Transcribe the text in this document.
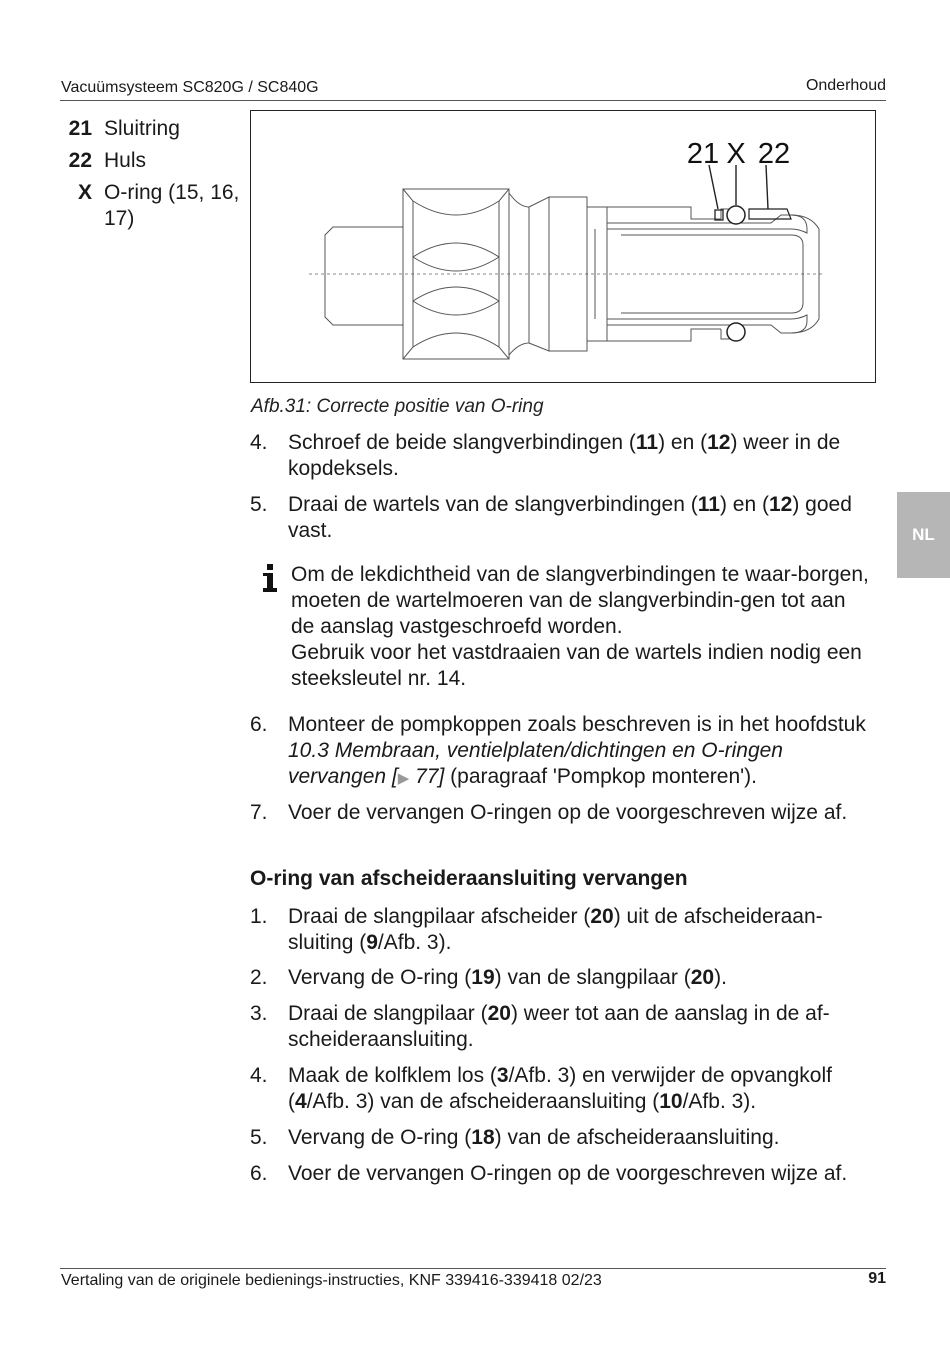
Vacuümsysteem SC820G / SC840G	Onderhoud
21 Sluitring
22 Huls
X O-ring (15, 16, 17)
21 X 22
Afb.31: Correcte positie van O-ring
4. Schroef de beide slangverbindingen (11) en (12) weer in de kopdeksels.
5. Draai de wartels van de slangverbindingen (11) en (12) goed vast.
Om de lekdichtheid van de slangverbindingen te waar-borgen, moeten de wartelmoeren van de slangverbindin-gen tot aan de aanslag vastgeschroefd worden.
Gebruik voor het vastdraaien van de wartels indien nodig een steeksleutel nr. 14.
6. Monteer de pompkoppen zoals beschreven is in het hoofdstuk 10.3 Membraan, ventielplaten/dichtingen en O-ringen vervangen [▶ 77] (paragraaf 'Pompkop monteren').
7. Voer de vervangen O-ringen op de voorgeschreven wijze af.
O-ring van afscheideraansluiting vervangen
1. Draai de slangpilaar afscheider (20) uit de afscheideraan-sluiting (9/Afb. 3).
2. Vervang de O-ring (19) van de slangpilaar (20).
3. Draai de slangpilaar (20) weer tot aan de aanslag in de af-scheideraansluiting.
4. Maak de kolfklem los (3/Afb. 3) en verwijder de opvangkolf (4/Afb. 3) van de afscheideraansluiting (10/Afb. 3).
5. Vervang de O-ring (18) van de afscheideraansluiting.
6. Voer de vervangen O-ringen op de voorgeschreven wijze af.
NL
Vertaling van de originele bedienings-instructies, KNF 339416-339418 02/23	91
